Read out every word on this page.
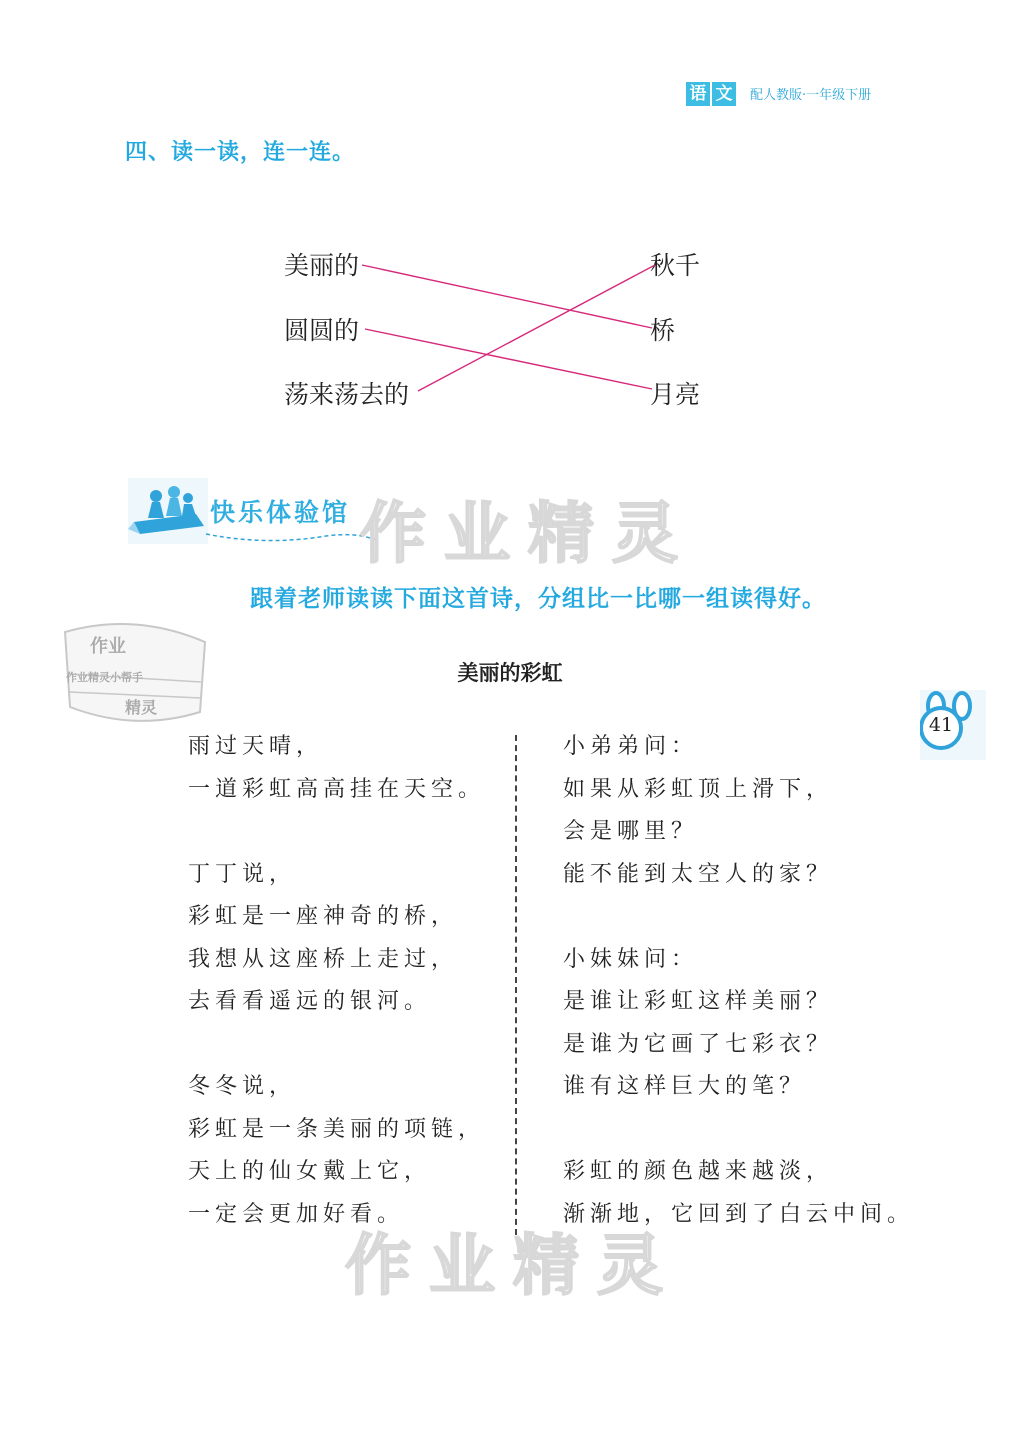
语 文 配人教版·一年级下册
四、读一读，连一连。
美丽的
圆圆的
荡来荡去的
秋千
桥
月亮
快乐体验馆 作业精灵
作业精灵
作业
作业精灵小帮手
精灵
跟着老师读读下面这首诗，分组比一比哪一组读得好。
美丽的彩虹
雨过天晴，
一道彩虹高高挂在天空。
丁丁说，
彩虹是一座神奇的桥，
我想从这座桥上走过，
去看看遥远的银河。
冬冬说，
彩虹是一条美丽的项链，
天上的仙女戴上它，
一定会更加好看。
小弟弟问：
如果从彩虹顶上滑下，
会是哪里？
能不能到太空人的家？
小妹妹问：
是谁让彩虹这样美丽？
是谁为它画了七彩衣？
谁有这样巨大的笔？
彩虹的颜色越来越淡，
渐渐地，它回到了白云中间。
41
